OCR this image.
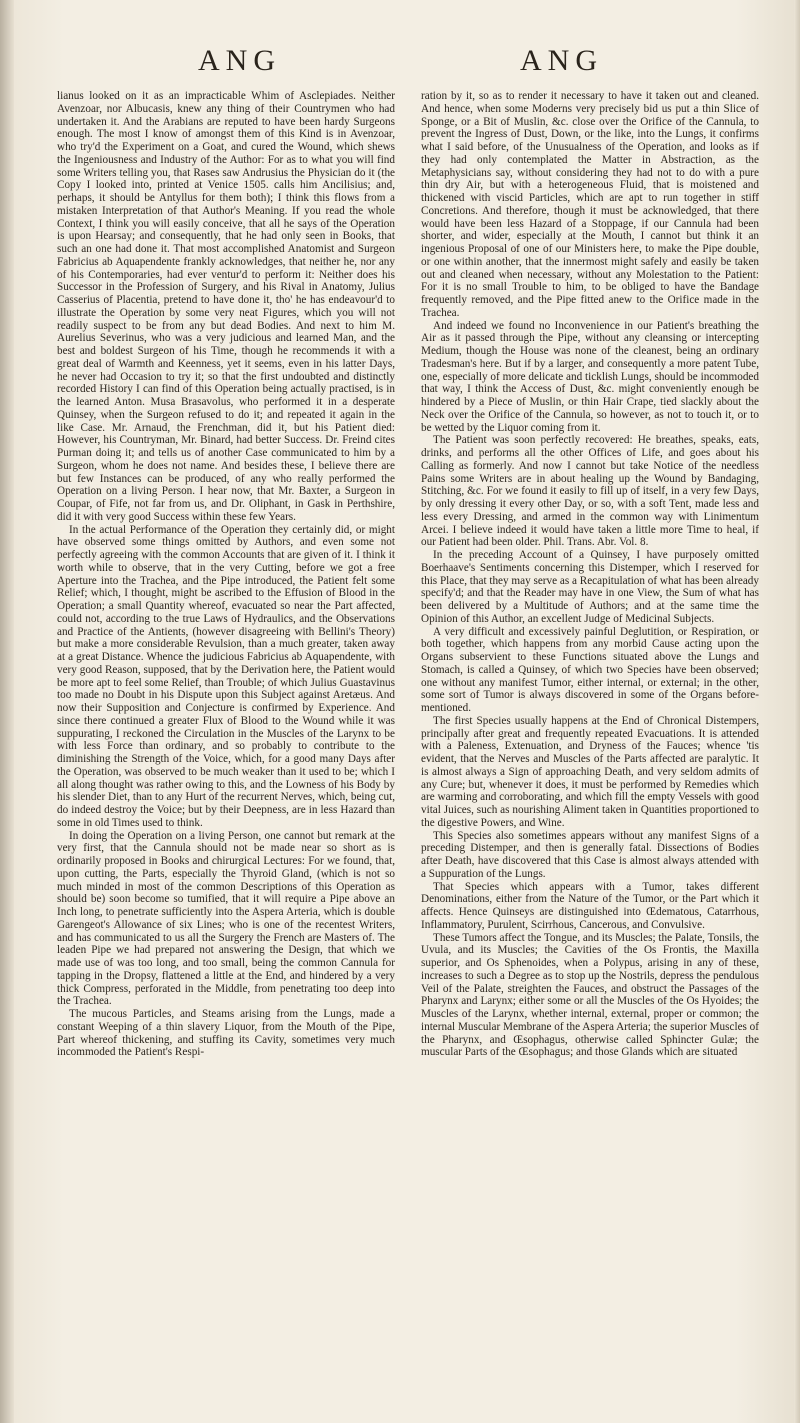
ANG	ANG

lianus looked on it as an impracticable Whim of Asclepiades. Neither Avenzoar, nor Albucasis, knew any thing of their Countrymen who had undertaken it. And the Arabians are reputed to have been hardy Surgeons enough. The most I know of amongst them of this Kind is in Avenzoar, who try'd the Experiment on a Goat, and cured the Wound, which shews the Ingeniousness and Industry of the Author: For as to what you will find some Writers telling you, that Rases saw Andrusius the Physician do it (the Copy I looked into, printed at Venice 1505. calls him Ancilisius; and, perhaps, it should be Antyllus for them both); I think this flows from a mistaken Interpretation of that Author's Meaning. If you read the whole Context, I think you will easily conceive, that all he says of the Operation is upon Hearsay; and consequently, that he had only seen in Books, that such an one had done it. That most accomplished Anatomist and Surgeon Fabricius ab Aquapendente frankly acknowledges, that neither he, nor any of his Contemporaries, had ever ventur'd to perform it: Neither does his Successor in the Profession of Surgery, and his Rival in Anatomy, Julius Casserius of Placentia, pretend to have done it, tho' he has endeavour'd to illustrate the Operation by some very neat Figures, which you will not readily suspect to be from any but dead Bodies. And next to him M. Aurelius Severinus, who was a very judicious and learned Man, and the best and boldest Surgeon of his Time, though he recommends it with a great deal of Warmth and Keenness, yet it seems, even in his latter Days, he never had Occasion to try it; so that the first undoubted and distinctly recorded History I can find of this Operation being actually practised, is in the learned Anton. Musa Brasavolus, who performed it in a desperate Quinsey, when the Surgeon refused to do it; and repeated it again in the like Case. Mr. Arnaud, the Frenchman, did it, but his Patient died: However, his Countryman, Mr. Binard, had better Success. Dr. Freind cites Purman doing it; and tells us of another Case communicated to him by a Surgeon, whom he does not name. And besides these, I believe there are but few Instances can be produced, of any who really performed the Operation on a living Person. I hear now, that Mr. Baxter, a Surgeon in Coupar, of Fife, not far from us, and Dr. Oliphant, in Gask in Perthshire, did it with very good Success within these few Years.

In the actual Performance of the Operation they certainly did, or might have observed some things omitted by Authors, and even some not perfectly agreeing with the common Accounts that are given of it. I think it worth while to observe, that in the very Cutting, before we got a free Aperture into the Trachea, and the Pipe introduced, the Patient felt some Relief; which, I thought, might be ascribed to the Effusion of Blood in the Operation; a small Quantity whereof, evacuated so near the Part affected, could not, according to the true Laws of Hydraulics, and the Observations and Practice of the Antients, (however disagreeing with Bellini's Theory) but make a more considerable Revulsion, than a much greater, taken away at a great Distance. Whence the judicious Fabricius ab Aquapendente, with very good Reason, supposed, that by the Derivation here, the Patient would be more apt to feel some Relief, than Trouble; of which Julius Guastavinus too made no Doubt in his Dispute upon this Subject against Aretæus. And now their Supposition and Conjecture is confirmed by Experience. And since there continued a greater Flux of Blood to the Wound while it was suppurating, I reckoned the Circulation in the Muscles of the Larynx to be with less Force than ordinary, and so probably to contribute to the diminishing the Strength of the Voice, which, for a good many Days after the Operation, was observed to be much weaker than it used to be; which I all along thought was rather owing to this, and the Lowness of his Body by his slender Diet, than to any Hurt of the recurrent Nerves, which, being cut, do indeed destroy the Voice; but by their Deepness, are in less Hazard than some in old Times used to think.

In doing the Operation on a living Person, one cannot but remark at the very first, that the Cannula should not be made near so short as is ordinarily proposed in Books and chirurgical Lectures: For we found, that, upon cutting, the Parts, especially the Thyroid Gland, (which is not so much minded in most of the common Descriptions of this Operation as should be) soon become so tumified, that it will require a Pipe above an Inch long, to penetrate sufficiently into the Aspera Arteria, which is double Garengeot's Allowance of six Lines; who is one of the recentest Writers, and has communicated to us all the Surgery the French are Masters of. The leaden Pipe we had prepared not answering the Design, that which we made use of was too long, and too small, being the common Cannula for tapping in the Dropsy, flattened a little at the End, and hindered by a very thick Compress, perforated in the Middle, from penetrating too deep into the Trachea.

The mucous Particles, and Steams arising from the Lungs, made a constant Weeping of a thin slavery Liquor, from the Mouth of the Pipe, Part whereof thickening, and stuffing its Cavity, sometimes very much incommoded the Patient's Respi-

ration by it, so as to render it necessary to have it taken out and cleaned. And hence, when some Moderns very precisely bid us put a thin Slice of Sponge, or a Bit of Muslin, &c. close over the Orifice of the Cannula, to prevent the Ingress of Dust, Down, or the like, into the Lungs, it confirms what I said before, of the Unusualness of the Operation, and looks as if they had only contemplated the Matter in Abstraction, as the Metaphysicians say, without considering they had not to do with a pure thin dry Air, but with a heterogeneous Fluid, that is moistened and thickened with viscid Particles, which are apt to run together in stiff Concretions. And therefore, though it must be acknowledged, that there would have been less Hazard of a Stoppage, if our Cannula had been shorter, and wider, especially at the Mouth, I cannot but think it an ingenious Proposal of one of our Ministers here, to make the Pipe double, or one within another, that the innermost might safely and easily be taken out and cleaned when necessary, without any Molestation to the Patient: For it is no small Trouble to him, to be obliged to have the Bandage frequently removed, and the Pipe fitted anew to the Orifice made in the Trachea.

And indeed we found no Inconvenience in our Patient's breathing the Air as it passed through the Pipe, without any cleansing or intercepting Medium, though the House was none of the cleanest, being an ordinary Tradesman's here. But if by a larger, and consequently a more patent Tube, one, especially of more delicate and ticklish Lungs, should be incommoded that way, I think the Access of Dust, &c. might conveniently enough be hindered by a Piece of Muslin, or thin Hair Crape, tied slackly about the Neck over the Orifice of the Cannula, so however, as not to touch it, or to be wetted by the Liquor coming from it.

The Patient was soon perfectly recovered: He breathes, speaks, eats, drinks, and performs all the other Offices of Life, and goes about his Calling as formerly. And now I cannot but take Notice of the needless Pains some Writers are in about healing up the Wound by Bandaging, Stitching, &c. For we found it easily to fill up of itself, in a very few Days, by only dressing it every other Day, or so, with a soft Tent, made less and less every Dressing, and armed in the common way with Linimentum Arcei. I believe indeed it would have taken a little more Time to heal, if our Patient had been older. Phil. Trans. Abr. Vol. 8.

In the preceding Account of a Quinsey, I have purposely omitted Boerhaave's Sentiments concerning this Distemper, which I reserved for this Place, that they may serve as a Recapitulation of what has been already specify'd; and that the Reader may have in one View, the Sum of what has been delivered by a Multitude of Authors; and at the same time the Opinion of this Author, an excellent Judge of Medicinal Subjects.

A very difficult and excessively painful Deglutition, or Respiration, or both together, which happens from any morbid Cause acting upon the Organs subservient to these Functions situated above the Lungs and Stomach, is called a Quinsey, of which two Species have been observed; one without any manifest Tumor, either internal, or external; in the other, some sort of Tumor is always discovered in some of the Organs before-mentioned.

The first Species usually happens at the End of Chronical Distempers, principally after great and frequently repeated Evacuations. It is attended with a Paleness, Extenuation, and Dryness of the Fauces; whence 'tis evident, that the Nerves and Muscles of the Parts affected are paralytic. It is almost always a Sign of approaching Death, and very seldom admits of any Cure; but, whenever it does, it must be performed by Remedies which are warming and corroborating, and which fill the empty Vessels with good vital Juices, such as nourishing Aliment taken in Quantities proportioned to the digestive Powers, and Wine.

This Species also sometimes appears without any manifest Signs of a preceding Distemper, and then is generally fatal. Dissections of Bodies after Death, have discovered that this Case is almost always attended with a Suppuration of the Lungs.

That Species which appears with a Tumor, takes different Denominations, either from the Nature of the Tumor, or the Part which it affects. Hence Quinseys are distinguished into Œdematous, Catarrhous, Inflammatory, Purulent, Scirrhous, Cancerous, and Convulsive.

These Tumors affect the Tongue, and its Muscles; the Palate, Tonsils, the Uvula, and its Muscles; the Cavities of the Os Frontis, the Maxilla superior, and Os Sphenoides, when a Polypus, arising in any of these, increases to such a Degree as to stop up the Nostrils, depress the pendulous Veil of the Palate, streighten the Fauces, and obstruct the Passages of the Pharynx and Larynx; either some or all the Muscles of the Os Hyoides; the Muscles of the Larynx, whether internal, external, proper or common; the internal Muscular Membrane of the Aspera Arteria; the superior Muscles of the Pharynx, and Œsophagus, otherwise called Sphincter Gulæ; the muscular Parts of the Œsophagus; and those Glands which are situated
